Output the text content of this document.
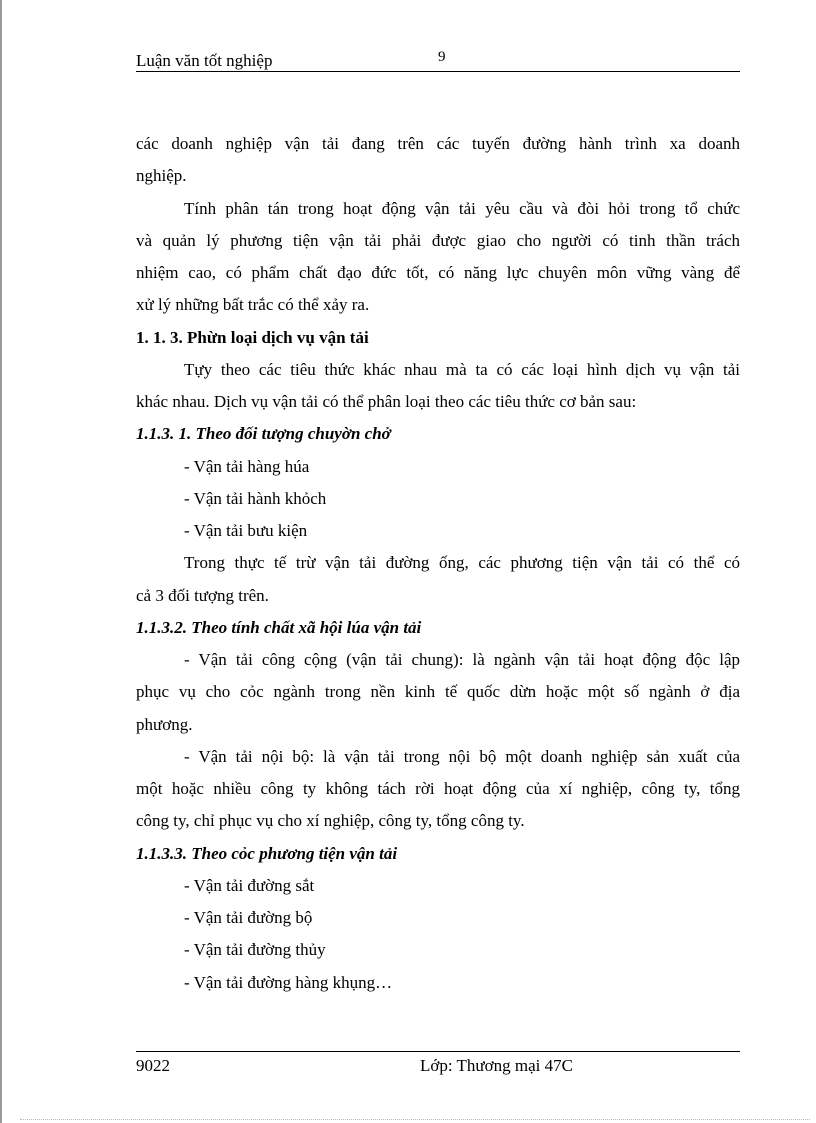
Luận văn tốt nghiệp	9
các doanh nghiệp vận tải đang trên các tuyến đường hành trình xa doanh
nghiệp.
Tính phân tán trong hoạt động vận tải yêu cầu và đòi hỏi trong tổ chức
và quản lý phương tiện vận tải phải được giao cho người có tinh thần trách
nhiệm cao, có phẩm chất đạo đức tốt, có năng lực chuyên môn vững vàng để
xử lý những bất trắc có thể xảy ra.
1. 1. 3. Phừn loại dịch vụ vận tải
Tựy theo các tiêu thức khác nhau mà ta có các loại hình dịch vụ vận tải
khác nhau. Dịch vụ vận tải có thể phân loại theo các tiêu thức cơ bản sau:
1.1.3. 1. Theo đối tượng chuyờn chở
- Vận tải hàng húa
- Vận tải hành khỏch
- Vận tải bưu kiện
Trong thực tế trừ vận tải đường ống, các phương tiện vận tải có thể có
cả 3 đối tượng trên.
1.1.3.2. Theo tính chất xã hội lúa vận tải
- Vận tải công cộng (vận tải chung): là ngành vận tải hoạt động độc lập
phục vụ cho cỏc ngành trong nền kinh tế quốc dừn hoặc một số ngành ở địa
phương.
- Vận tải nội bộ: là vận tải trong nội bộ một doanh nghiệp sản xuất của
một hoặc nhiều công ty không tách rời hoạt động của xí nghiệp, công ty, tổng
công ty, chỉ phục vụ cho xí nghiệp, công ty, tổng công ty.
1.1.3.3. Theo cỏc phương tiện vận tải
- Vận tải đường sắt
- Vận tải đường bộ
- Vận tải đường thủy
- Vận tải đường hàng khụng…
9022	Lớp: Thương mại 47C
